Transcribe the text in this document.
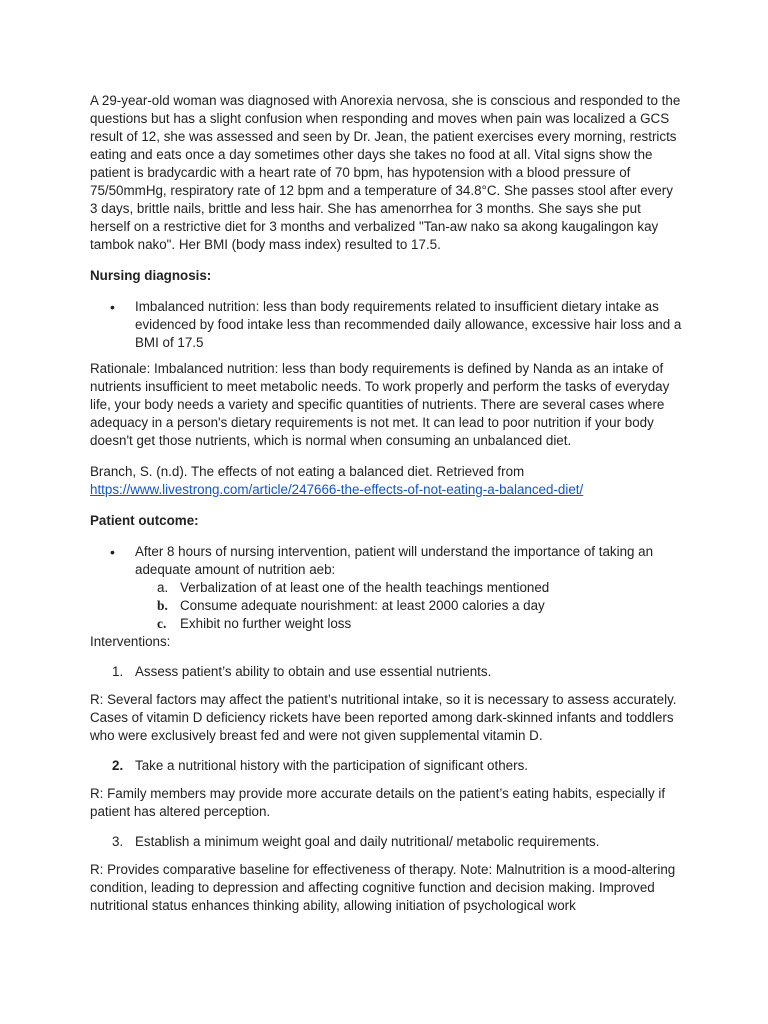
A 29-year-old woman was diagnosed with Anorexia nervosa, she is conscious and responded to the questions but has a slight confusion when responding and moves when pain was localized a GCS result of 12, she was assessed and seen by Dr. Jean, the patient exercises every morning, restricts eating and eats once a day sometimes other days she takes no food at all. Vital signs show the patient is bradycardic with a heart rate of 70 bpm, has hypotension with a blood pressure of 75/50mmHg, respiratory rate of 12 bpm and a temperature of 34.8°C. She passes stool after every 3 days, brittle nails, brittle and less hair. She has amenorrhea for 3 months. She says she put herself on a restrictive diet for 3 months and verbalized "Tan-aw nako sa akong kaugalingon kay tambok nako". Her BMI (body mass index) resulted to 17.5.

Nursing diagnosis:

• Imbalanced nutrition: less than body requirements related to insufficient dietary intake as evidenced by food intake less than recommended daily allowance, excessive hair loss and a BMI of 17.5

Rationale: Imbalanced nutrition: less than body requirements is defined by Nanda as an intake of nutrients insufficient to meet metabolic needs. To work properly and perform the tasks of everyday life, your body needs a variety and specific quantities of nutrients. There are several cases where adequacy in a person's dietary requirements is not met. It can lead to poor nutrition if your body doesn't get those nutrients, which is normal when consuming an unbalanced diet.

Branch, S. (n.d). The effects of not eating a balanced diet. Retrieved from
https://www.livestrong.com/article/247666-the-effects-of-not-eating-a-balanced-diet/

Patient outcome:

• After 8 hours of nursing intervention, patient will understand the importance of taking an adequate amount of nutrition aeb:
a. Verbalization of at least one of the health teachings mentioned
b. Consume adequate nourishment: at least 2000 calories a day
c. Exhibit no further weight loss

Interventions:

1. Assess patient’s ability to obtain and use essential nutrients.

R: Several factors may affect the patient’s nutritional intake, so it is necessary to assess accurately. Cases of vitamin D deficiency rickets have been reported among dark-skinned infants and toddlers who were exclusively breast fed and were not given supplemental vitamin D.

2. Take a nutritional history with the participation of significant others.

R: Family members may provide more accurate details on the patient’s eating habits, especially if patient has altered perception.

3. Establish a minimum weight goal and daily nutritional/ metabolic requirements.

R: Provides comparative baseline for effectiveness of therapy. Note: Malnutrition is a mood-altering condition, leading to depression and affecting cognitive function and decision making. Improved nutritional status enhances thinking ability, allowing initiation of psychological work
